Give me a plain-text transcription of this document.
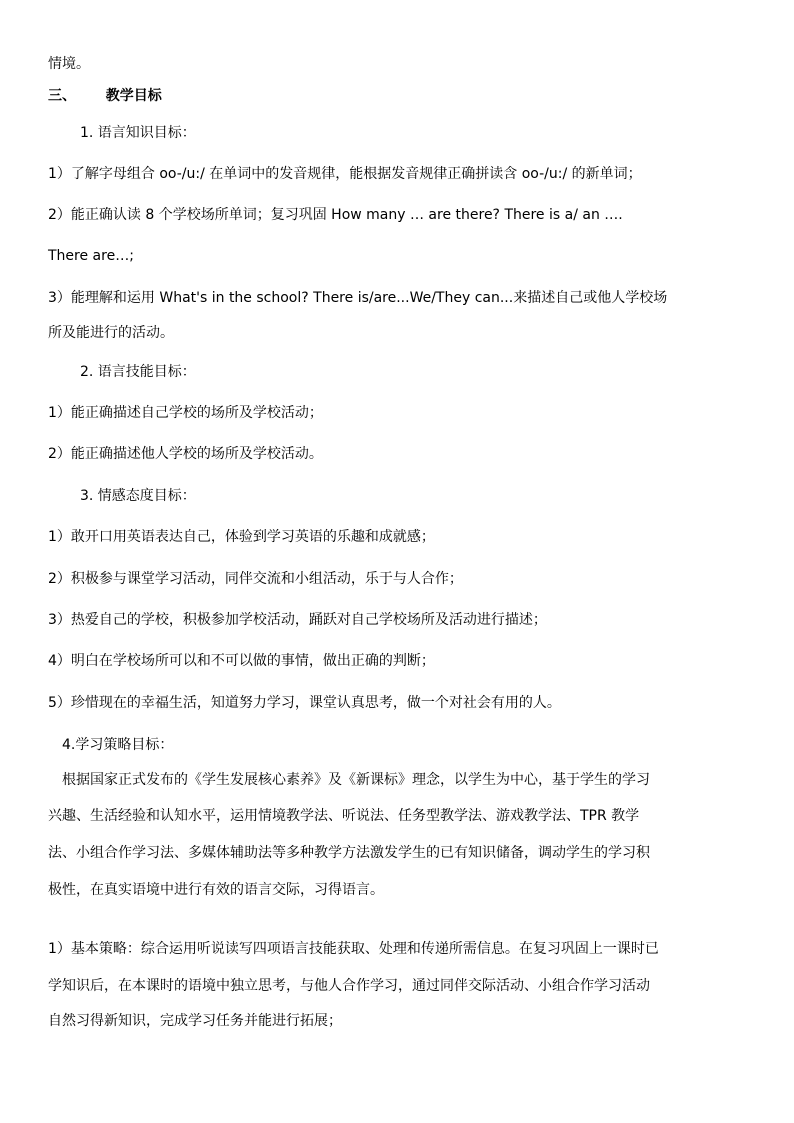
情境。

三、 教学目标

1. 语言知识目标：

1）了解字母组合 oo-/u:/ 在单词中的发音规律，能根据发音规律正确拼读含 oo-/u:/ 的新单词；

2）能正确认读 8 个学校场所单词；复习巩固 How many … are there? There is a/ an ….

There are…;

3）能理解和运用 What's in the school? There is/are...We/They can...来描述自己或他人学校场

所及能进行的活动。

2. 语言技能目标：

1）能正确描述自己学校的场所及学校活动；

2）能正确描述他人学校的场所及学校活动。

3. 情感态度目标：

1）敢开口用英语表达自己，体验到学习英语的乐趣和成就感；

2）积极参与课堂学习活动，同伴交流和小组活动，乐于与人合作；

3）热爱自己的学校，积极参加学校活动，踊跃对自己学校场所及活动进行描述；

4）明白在学校场所可以和不可以做的事情，做出正确的判断；

5）珍惜现在的幸福生活，知道努力学习，课堂认真思考，做一个对社会有用的人。

4.学习策略目标：

根据国家正式发布的《学生发展核心素养》及《新课标》理念，以学生为中心，基于学生的学习

兴趣、生活经验和认知水平，运用情境教学法、听说法、任务型教学法、游戏教学法、TPR 教学

法、小组合作学习法、多媒体辅助法等多种教学方法激发学生的已有知识储备，调动学生的学习积

极性，在真实语境中进行有效的语言交际，习得语言。

1）基本策略：综合运用听说读写四项语言技能获取、处理和传递所需信息。在复习巩固上一课时已

学知识后，在本课时的语境中独立思考，与他人合作学习，通过同伴交际活动、小组合作学习活动

自然习得新知识，完成学习任务并能进行拓展；
